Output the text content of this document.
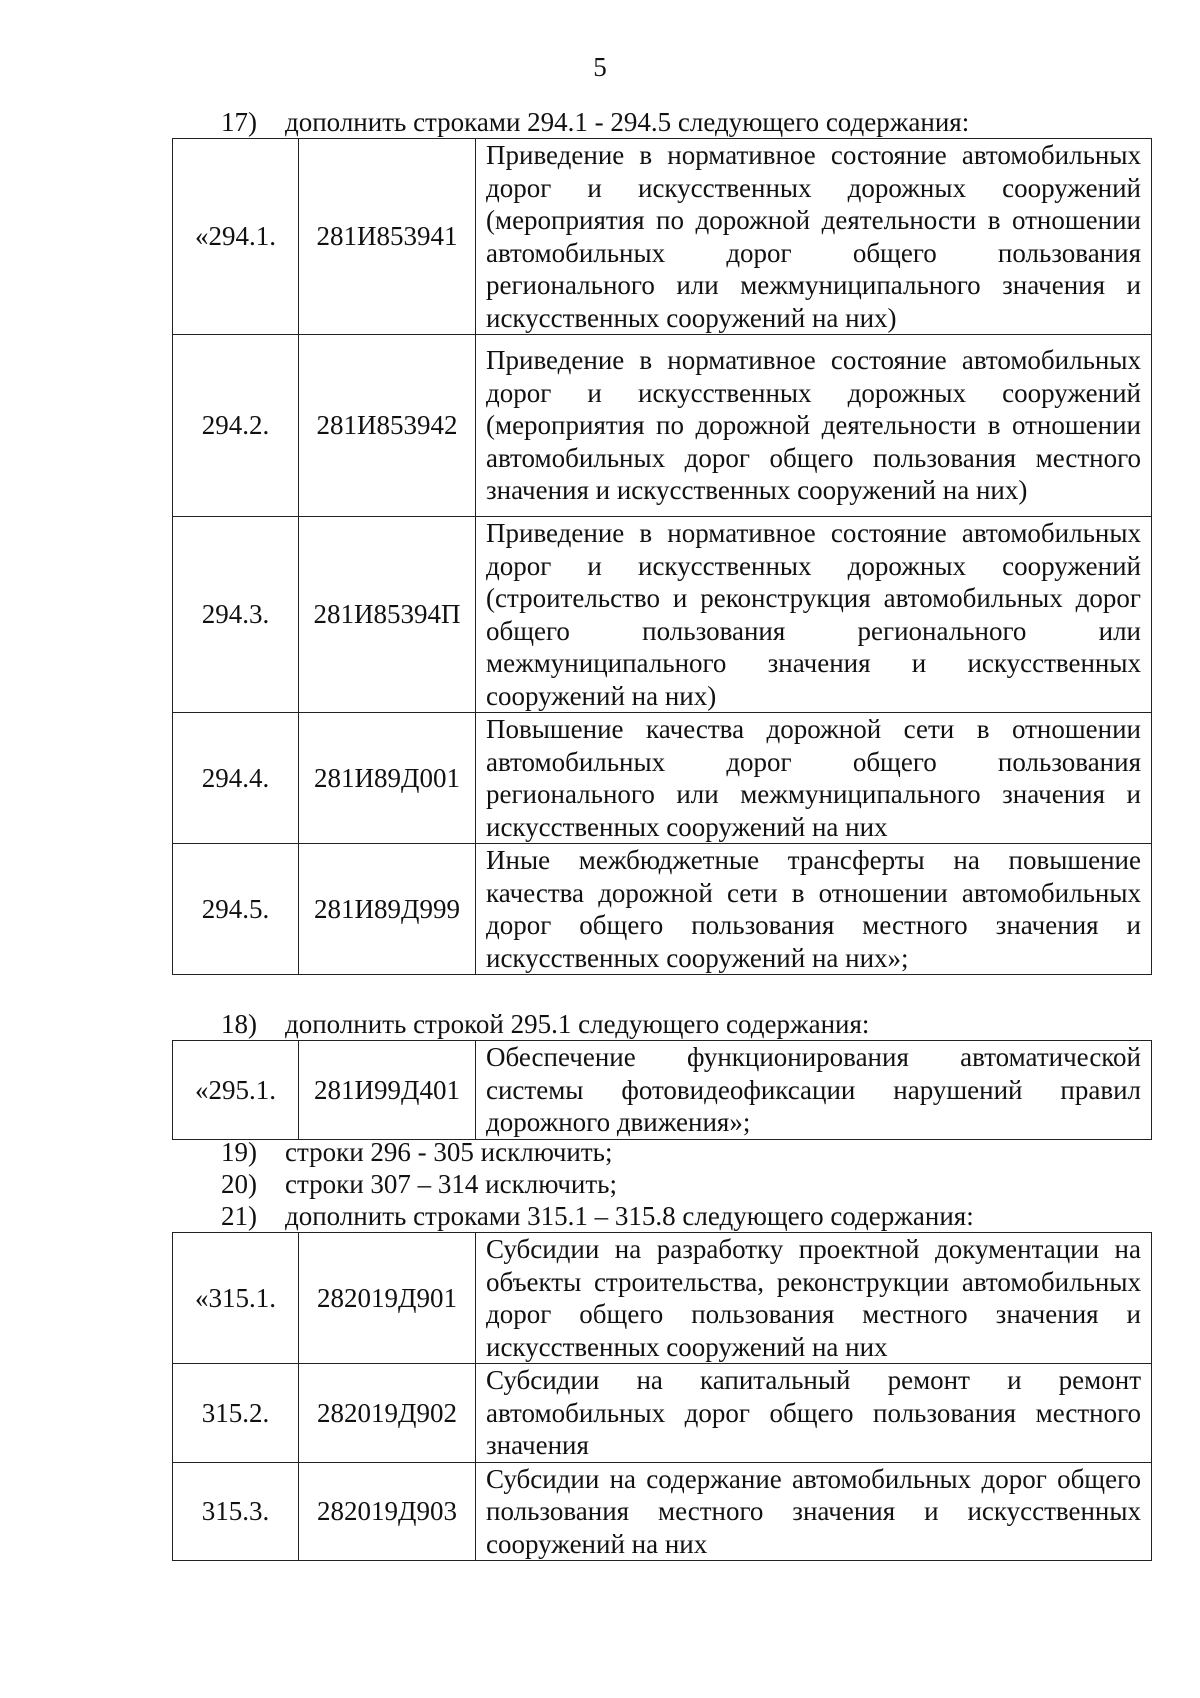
5
17) дополнить строками 294.1 - 294.5 следующего содержания:
«294.1.	281И853941	Приведение в нормативное состояние автомобильных дорог и искусственных дорожных сооружений (мероприятия по дорожной деятельности в отношении автомобильных дорог общего пользования регионального или межмуниципального значения и искусственных сооружений на них)
294.2.	281И853942	Приведение в нормативное состояние автомобильных дорог и искусственных дорожных сооружений (мероприятия по дорожной деятельности в отношении автомобильных дорог общего пользования местного значения и искусственных сооружений на них)
294.3.	281И85394П	Приведение в нормативное состояние автомобильных дорог и искусственных дорожных сооружений (строительство и реконструкция автомобильных дорог общего пользования регионального или межмуниципального значения и искусственных сооружений на них)
294.4.	281И89Д001	Повышение качества дорожной сети в отношении автомобильных дорог общего пользования регионального или межмуниципального значения и искусственных сооружений на них
294.5.	281И89Д999	Иные межбюджетные трансферты на повышение качества дорожной сети в отношении автомобильных дорог общего пользования местного значения и искусственных сооружений на них»;
18) дополнить строкой 295.1 следующего содержания:
«295.1.	281И99Д401	Обеспечение функционирования автоматической системы фотовидеофиксации нарушений правил дорожного движения»;
19) строки 296 - 305 исключить;
20) строки 307 – 314 исключить;
21) дополнить строками 315.1 – 315.8 следующего содержания:
«315.1.	282019Д901	Субсидии на разработку проектной документации на объекты строительства, реконструкции автомобильных дорог общего пользования местного значения и искусственных сооружений на них
315.2.	282019Д902	Субсидии на капитальный ремонт и ремонт автомобильных дорог общего пользования местного значения
315.3.	282019Д903	Субсидии на содержание автомобильных дорог общего пользования местного значения и искусственных сооружений на них
